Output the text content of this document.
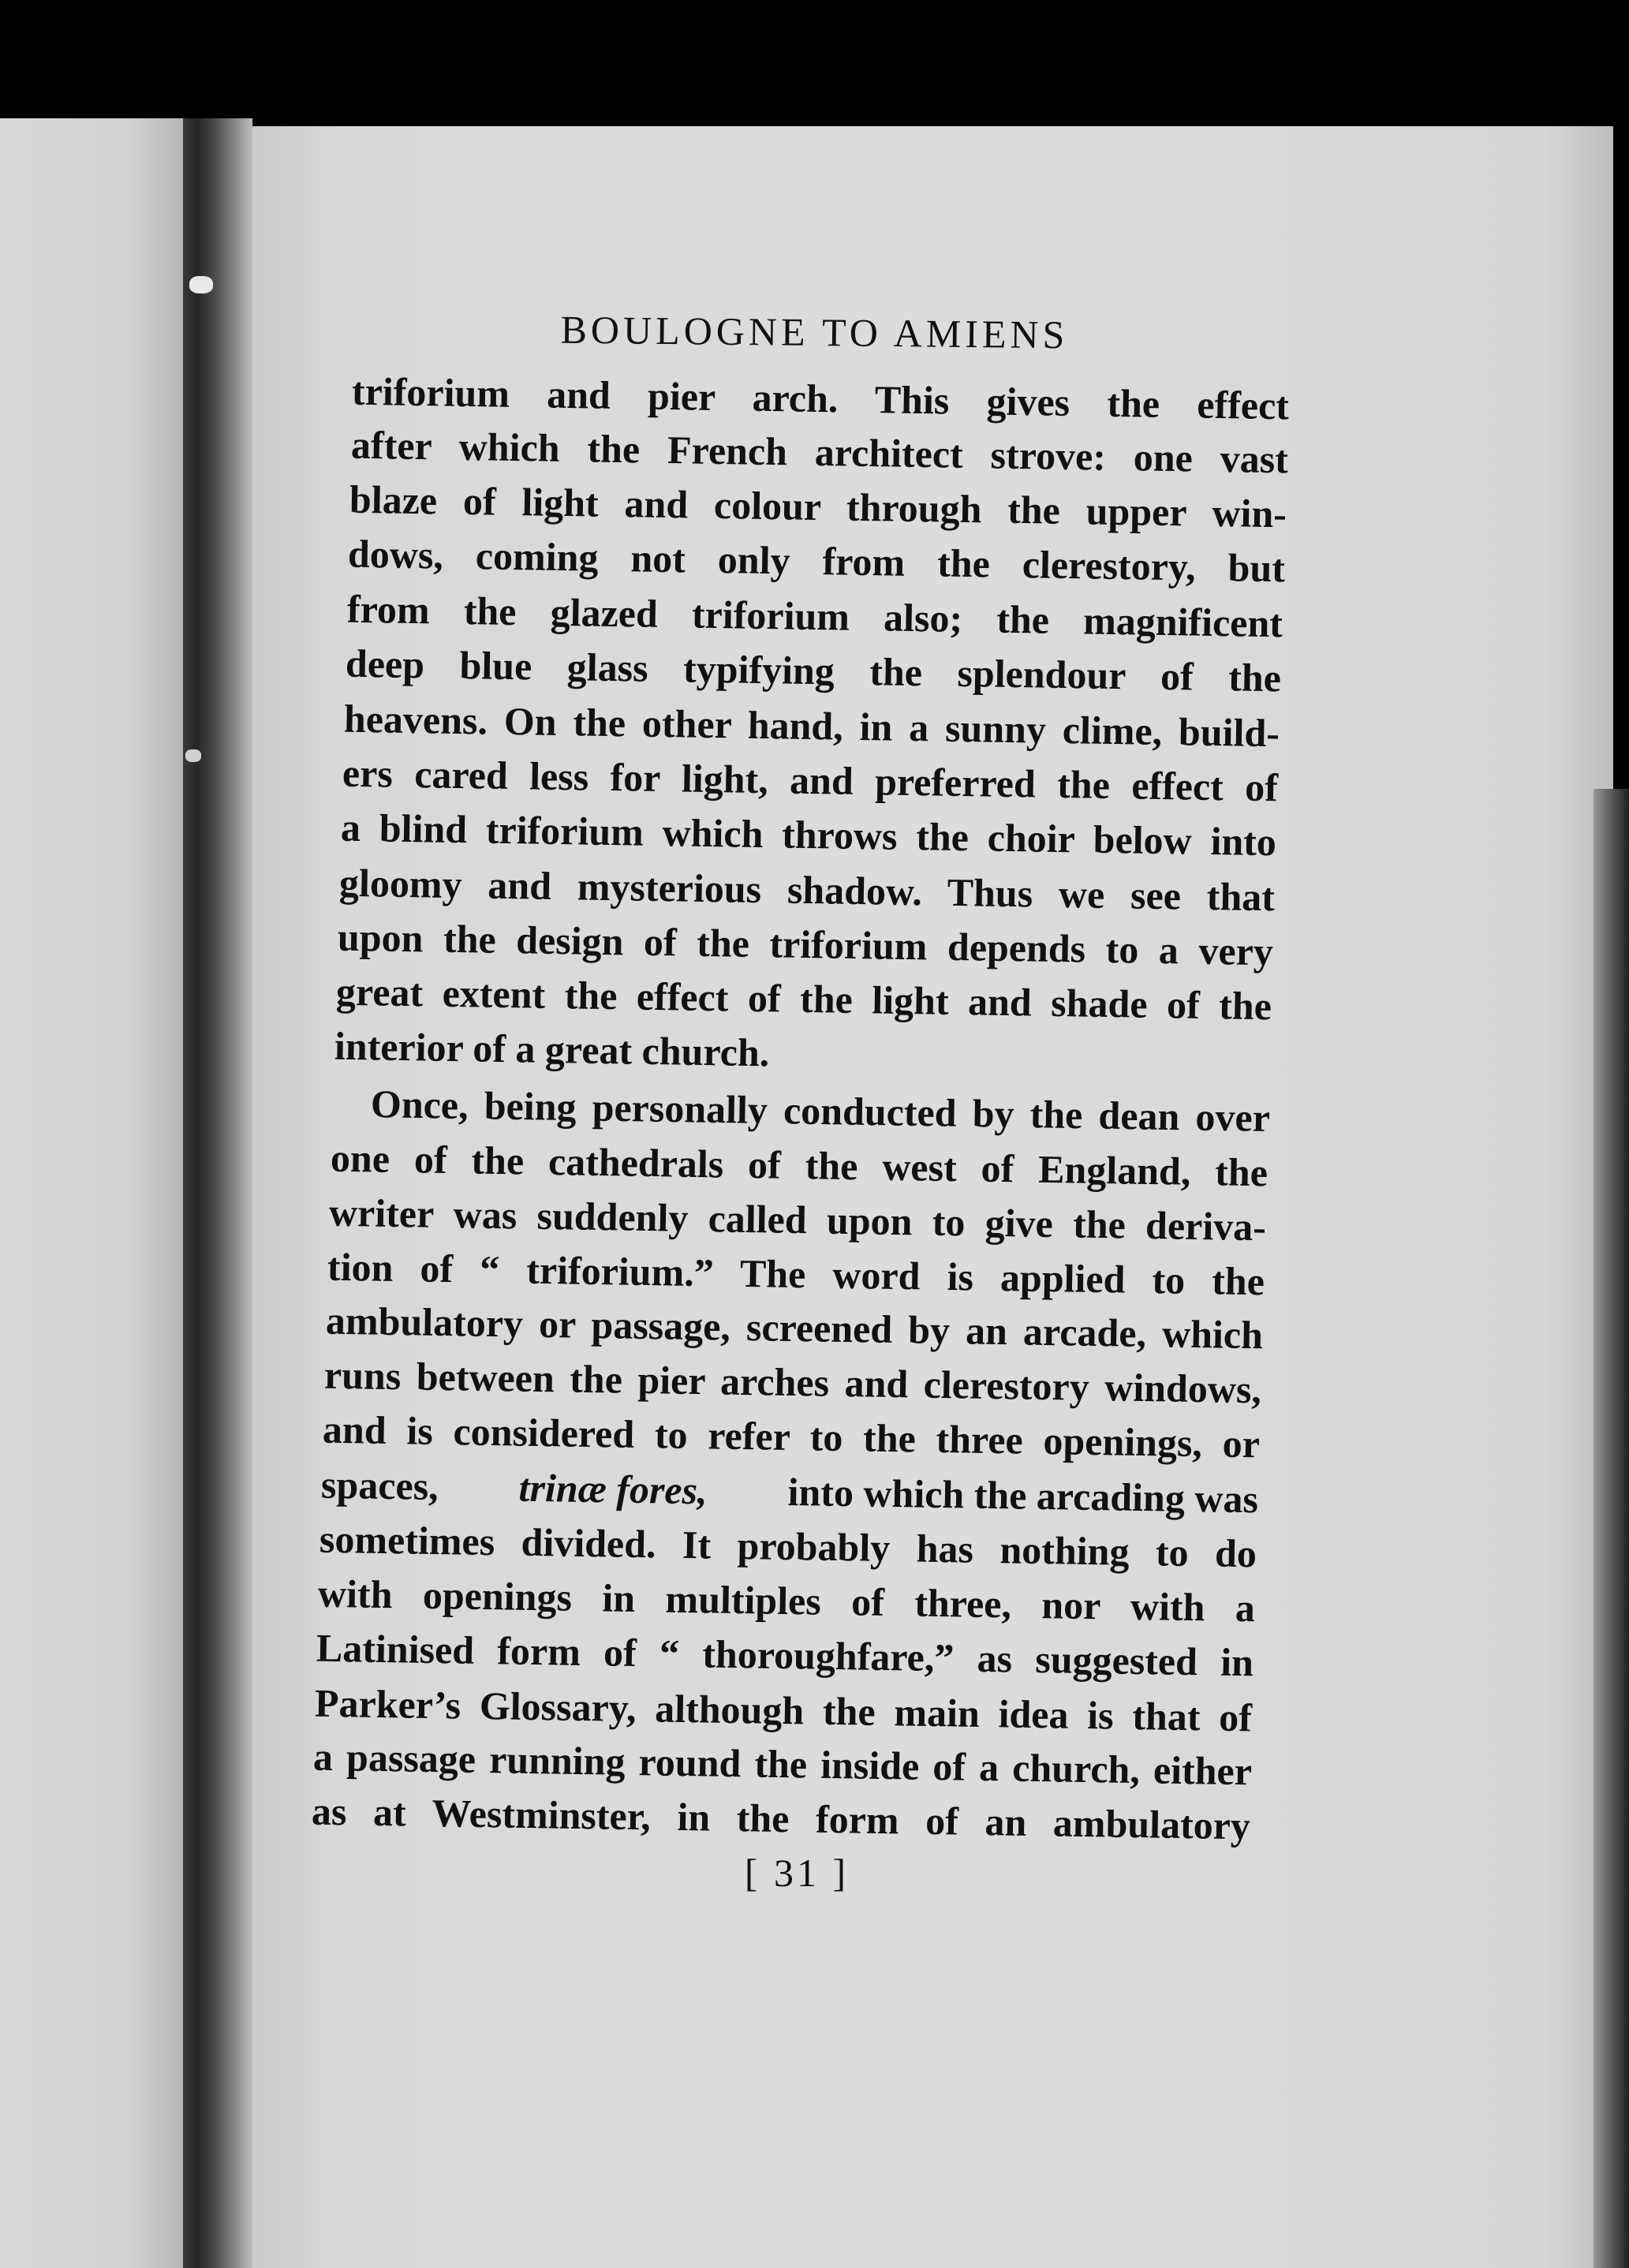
BOULOGNE TO AMIENS
triforium and pier arch. This gives the effect
after which the French architect strove: one vast
blaze of light and colour through the upper win-
dows, coming not only from the clerestory, but
from the glazed triforium also; the magnificent
deep blue glass typifying the splendour of the
heavens. On the other hand, in a sunny clime, build-
ers cared less for light, and preferred the effect of
a blind triforium which throws the choir below into
gloomy and mysterious shadow. Thus we see that
upon the design of the triforium depends to a very
great extent the effect of the light and shade of the
interior of a great church.
Once, being personally conducted by the dean over
one of the cathedrals of the west of England, the
writer was suddenly called upon to give the deriva-
tion of “ triforium.” The word is applied to the
ambulatory or passage, screened by an arcade, which
runs between the pier arches and clerestory windows,
and is considered to refer to the three openings, or
spaces, trinæ fores, into which the arcading was
sometimes divided. It probably has nothing to do
with openings in multiples of three, nor with a
Latinised form of “ thoroughfare,” as suggested in
Parker’s Glossary, although the main idea is that of
a passage running round the inside of a church, either
as at Westminster, in the form of an ambulatory
[ 31 ]
